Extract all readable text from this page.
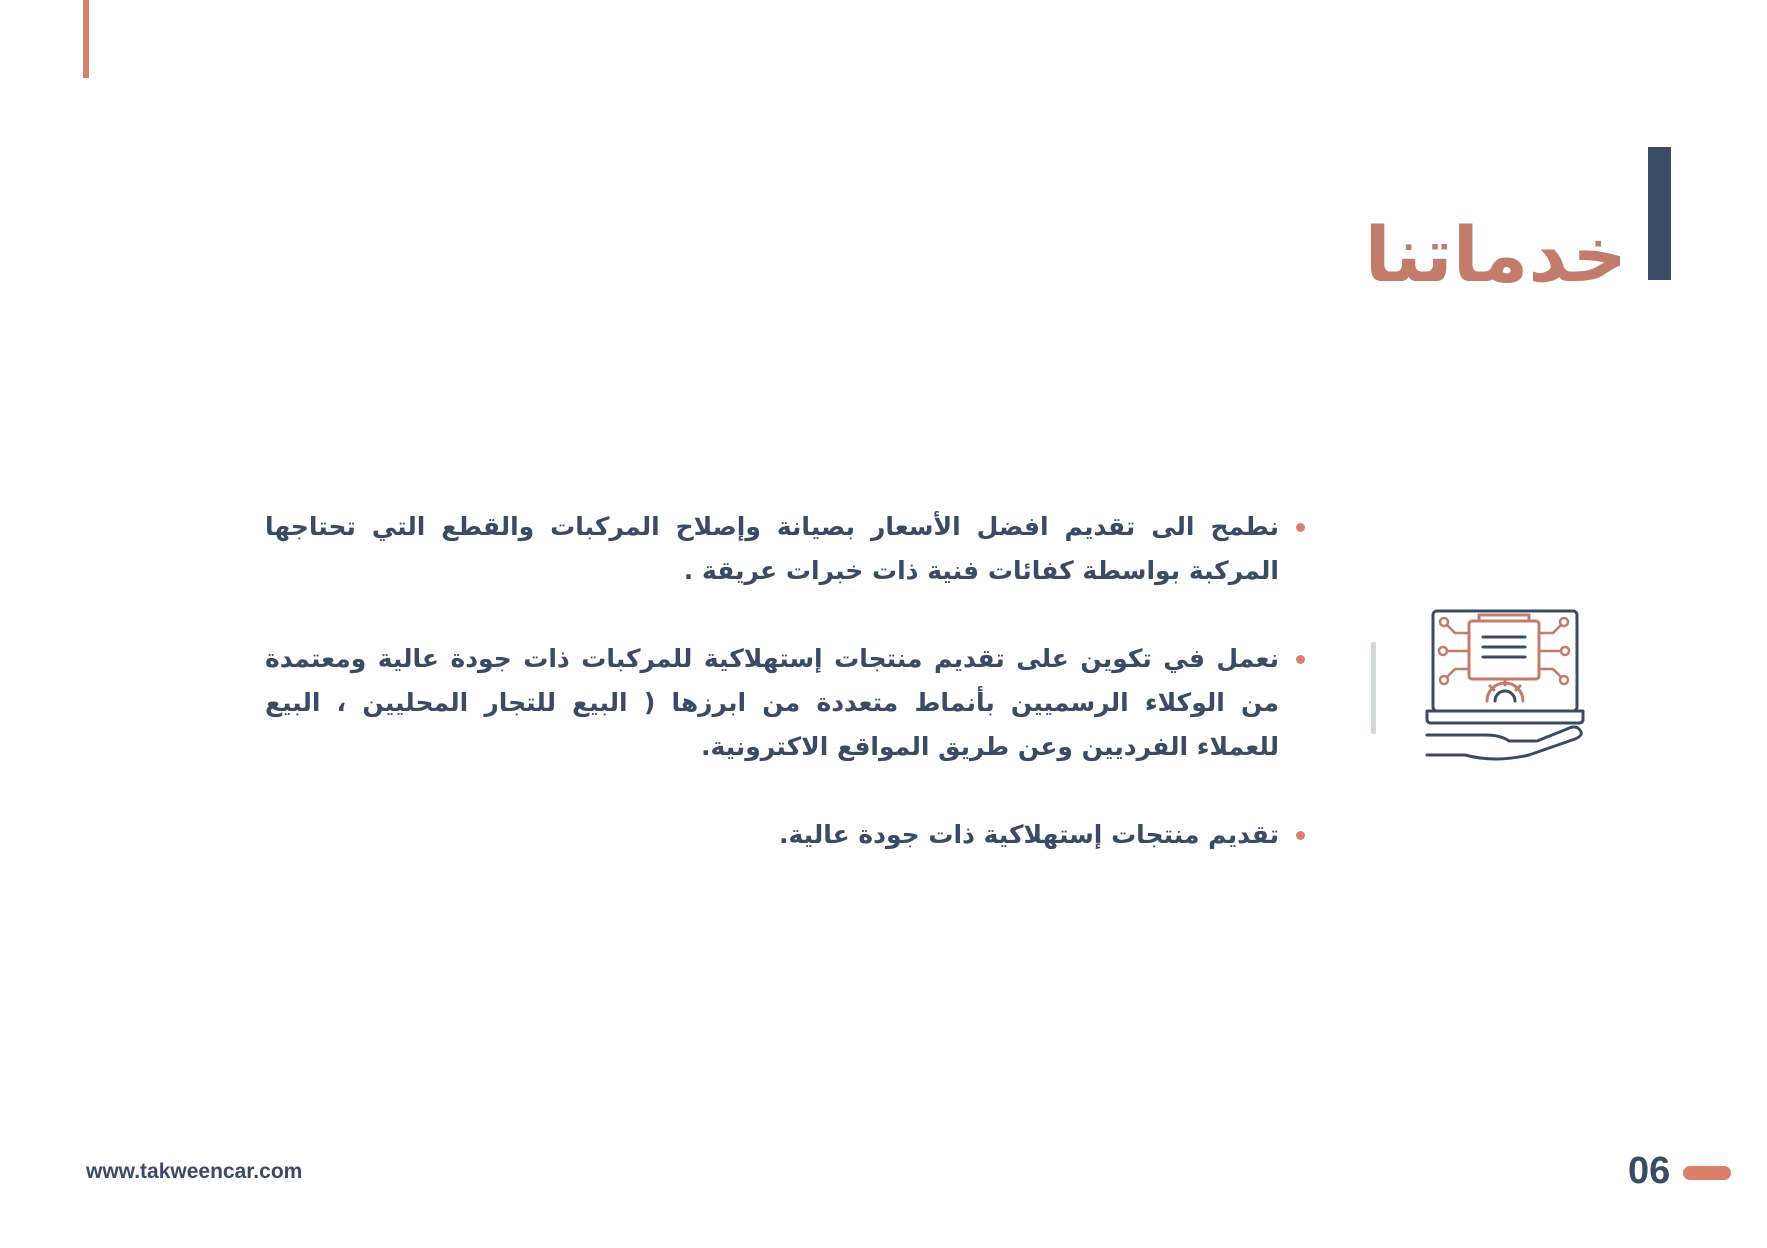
خدماتنا
نطمح الى تقديم افضل الأسعار بصيانة وإصلاح المركبات والقطع التي تحتاجها المركبة بواسطة كفائات فنية ذات خبرات عريقة .
نعمل في تكوين على تقديم منتجات إستهلاكية للمركبات ذات جودة عالية ومعتمدة من الوكلاء الرسميين بأنماط متعددة من ابرزها ( البيع للتجار المحليين ، البيع للعملاء الفرديين وعن طريق المواقع الاكترونية.
تقديم منتجات إستهلاكية ذات جودة عالية.
www.takweencar.com	06
